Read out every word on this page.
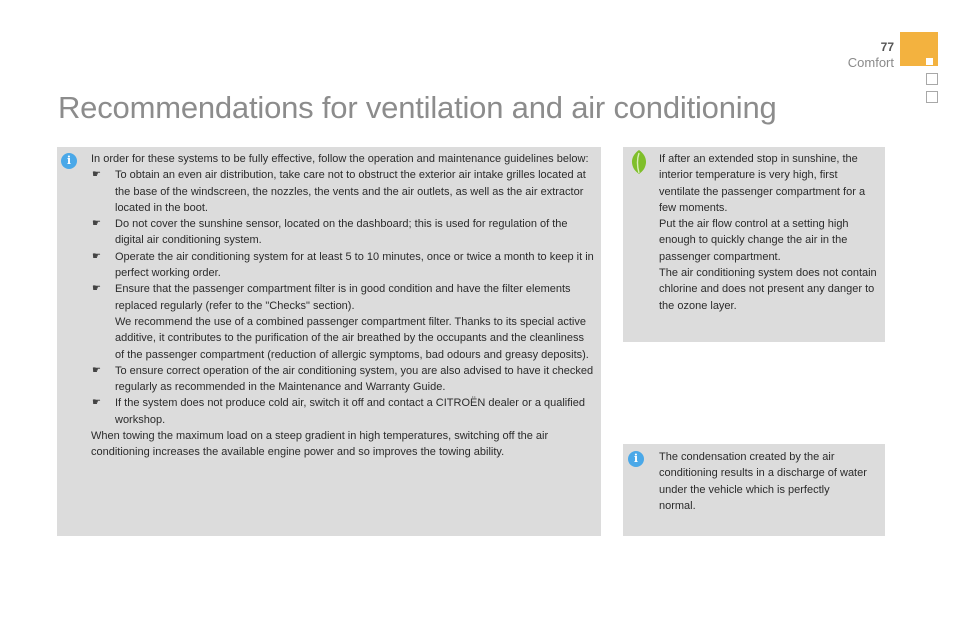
77
Comfort
Recommendations for ventilation and air conditioning
i	In order for these systems to be fully effective, follow the operation and maintenance guidelines below:

☛ To obtain an even air distribution, take care not to obstruct the exterior air intake grilles located at the base of the windscreen, the nozzles, the vents and the air outlets, as well as the air extractor located in the boot.
☛ Do not cover the sunshine sensor, located on the dashboard; this is used for regulation of the digital air conditioning system.
☛ Operate the air conditioning system for at least 5 to 10 minutes, once or twice a month to keep it in perfect working order.
☛ Ensure that the passenger compartment filter is in good condition and have the filter elements replaced regularly (refer to the "Checks" section).
We recommend the use of a combined passenger compartment filter. Thanks to its special active additive, it contributes to the purification of the air breathed by the occupants and the cleanliness of the passenger compartment (reduction of allergic symptoms, bad odours and greasy deposits).
☛ To ensure correct operation of the air conditioning system, you are also advised to have it checked regularly as recommended in the Maintenance and Warranty Guide.
☛ If the system does not produce cold air, switch it off and contact a CITROËN dealer or a qualified workshop.

When towing the maximum load on a steep gradient in high temperatures, switching off the air conditioning increases the available engine power and so improves the towing ability.

If after an extended stop in sunshine, the interior temperature is very high, first ventilate the passenger compartment for a few moments.

Put the air flow control at a setting high enough to quickly change the air in the passenger compartment.

The air conditioning system does not contain chlorine and does not present any danger to the ozone layer.

i	The condensation created by the air conditioning results in a discharge of water under the vehicle which is perfectly normal.
